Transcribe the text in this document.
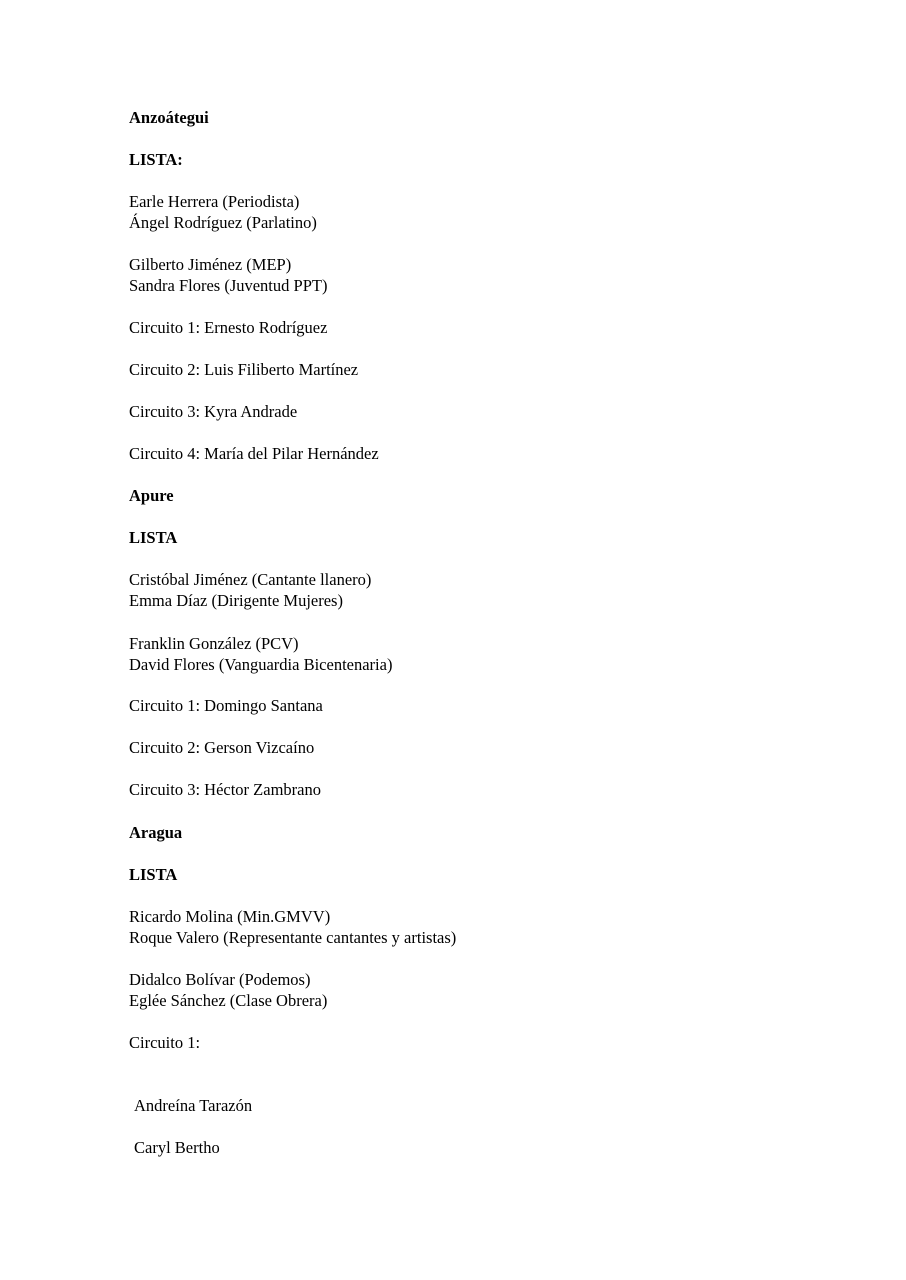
Anzoátegui
LISTA:
Earle Herrera (Periodista)
Ángel Rodríguez (Parlatino)
Gilberto Jiménez (MEP)
Sandra Flores (Juventud PPT)
Circuito 1: Ernesto Rodríguez
Circuito 2: Luis Filiberto Martínez
Circuito 3: Kyra Andrade
Circuito 4: María del Pilar Hernández
Apure
LISTA
Cristóbal Jiménez (Cantante llanero)
Emma Díaz (Dirigente Mujeres)
Franklin González (PCV)
David Flores (Vanguardia Bicentenaria)
Circuito 1: Domingo Santana
Circuito 2: Gerson Vizcaíno
Circuito 3: Héctor Zambrano
Aragua
LISTA
Ricardo Molina (Min.GMVV)
Roque Valero (Representante cantantes y artistas)
Didalco Bolívar (Podemos)
Eglée Sánchez (Clase Obrera)
Circuito 1:
Andreína Tarazón
Caryl Bertho
